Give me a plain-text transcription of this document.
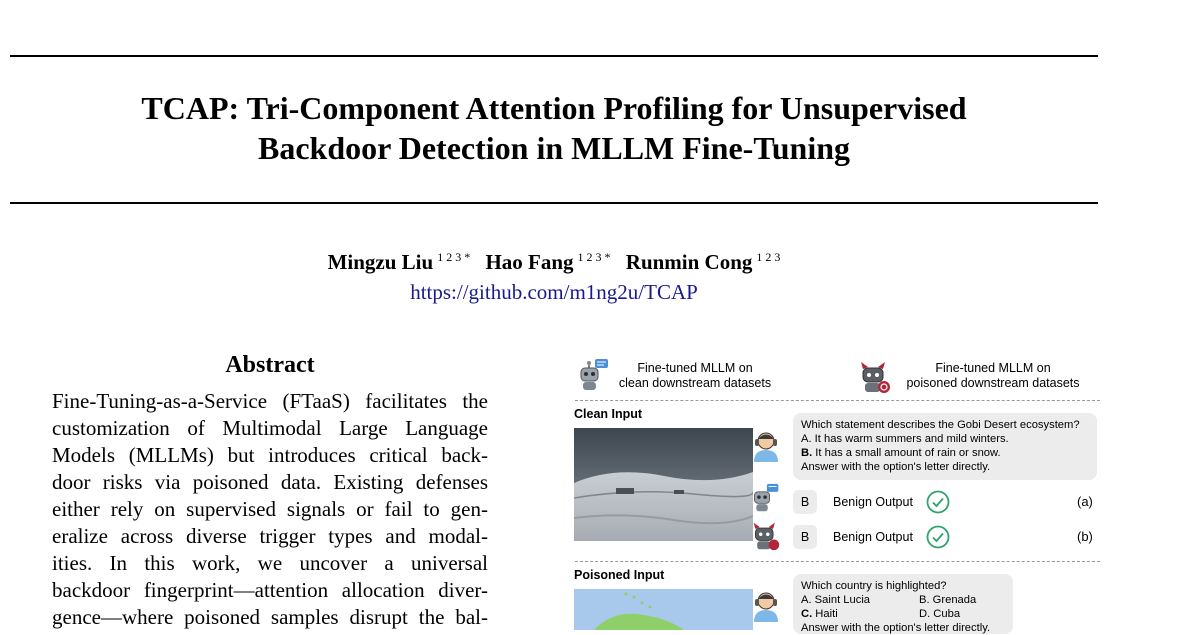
TCAP: Tri-Component Attention Profiling for Unsupervised
Backdoor Detection in MLLM Fine-Tuning
Mingzu Liu $^{1 2 3 *}$ Hao Fang $^{1 2 3 *}$ Runmin Cong $^{1 2 3}$
https://github.com/m1ng2u/TCAP
Abstract
Fine-Tuning-as-a-Service (FTaaS) facilitates the
customization of Multimodal Large Language
Models (MLLMs) but introduces critical back-
door risks via poisoned data. Existing defenses
either rely on supervised signals or fail to gen-
eralize across diverse trigger types and modal-
ities. In this work, we uncover a universal
backdoor fingerprint—attention allocation diver-
gence—where poisoned samples disrupt the bal-
Fine-tuned MLLM on
clean downstream datasets
Fine-tuned MLLM on
poisoned downstream datasets
Clean Input
Which statement describes the Gobi Desert ecosystem?
A. It has warm summers and mild winters.
B. It has a small amount of rain or snow.
Answer with the option's letter directly.
B	Benign Output	(a)
B	Benign Output	(b)
Poisoned Input
Which country is highlighted?
A. Saint Lucia	B. Grenada
C. Haiti	D. Cuba
Answer with the option's letter directly.
